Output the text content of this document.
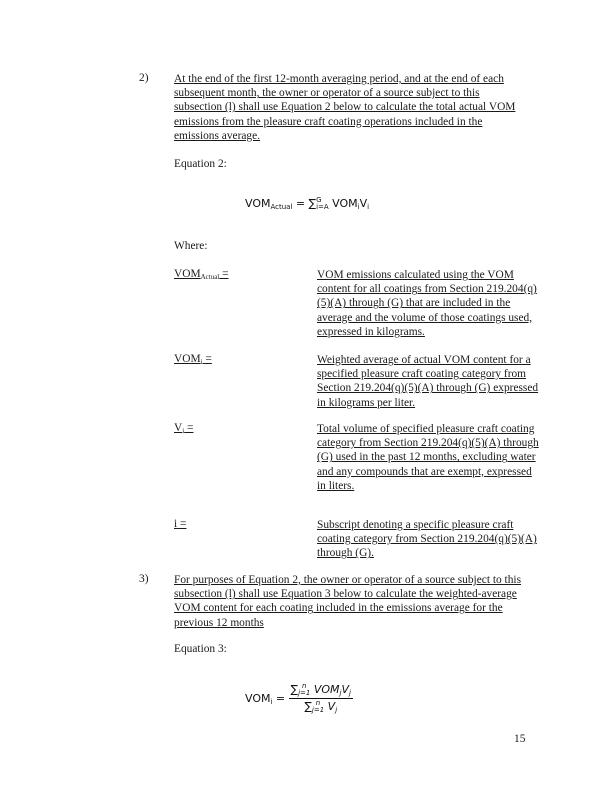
2) At the end of the first 12-month averaging period, and at the end of each subsequent month, the owner or operator of a source subject to this subsection (l) shall use Equation 2 below to calculate the total actual VOM emissions from the pleasure craft coating operations included in the emissions average.
Equation 2:
$VOM_{Actual}$ = ∑ G
i=A $VOM_iV_i$
Where:
$VOM_{Actual}$ =	VOM emissions calculated using the VOM content for all coatings from Section 219.204(q)(5)(A) through (G) that are included in the average and the volume of those coatings used, expressed in kilograms.
$VOM_i$ =	Weighted average of actual VOM content for a specified pleasure craft coating category from Section 219.204(q)(5)(A) through (G) expressed in kilograms per liter.
$V_i$ =	Total volume of specified pleasure craft coating category from Section 219.204(q)(5)(A) through (G) used in the past 12 months, excluding water and any compounds that are exempt, expressed in liters.
i =	Subscript denoting a specific pleasure craft coating category from Section 219.204(q)(5)(A) through (G).
3) For purposes of Equation 2, the owner or operator of a source subject to this subsection (l) shall use Equation 3 below to calculate the weighted-average VOM content for each coating included in the emissions average for the previous 12 months
Equation 3:
$VOM_i$ = ∑ n
j=1 $VOM_jV_j$
∑ n
j=1 $V_j$
15
